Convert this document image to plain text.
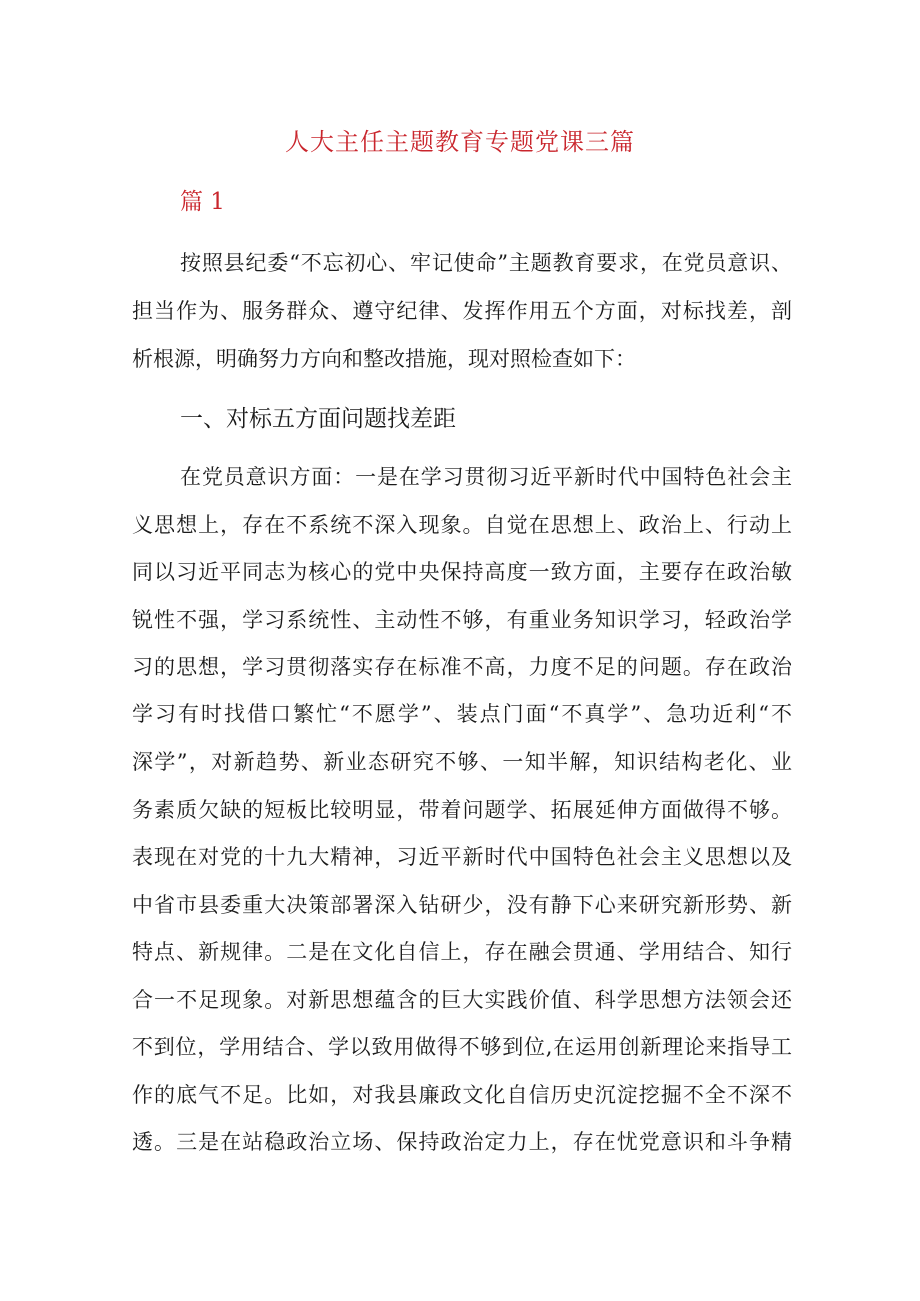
人大主任主题教育专题党课三篇
篇 1
按照县纪委“不忘初心、牢记使命”主题教育要求，在党员意识、
担当作为、服务群众、遵守纪律、发挥作用五个方面，对标找差，剖
析根源，明确努力方向和整改措施，现对照检查如下：
一、对标五方面问题找差距
在党员意识方面：一是在学习贯彻习近平新时代中国特色社会主
义思想上，存在不系统不深入现象。自觉在思想上、政治上、行动上
同以习近平同志为核心的党中央保持高度一致方面，主要存在政治敏
锐性不强，学习系统性、主动性不够，有重业务知识学习，轻政治学
习的思想，学习贯彻落实存在标准不高，力度不足的问题。存在政治
学习有时找借口繁忙“不愿学”、装点门面“不真学”、急功近利“不
深学”，对新趋势、新业态研究不够、一知半解，知识结构老化、业
务素质欠缺的短板比较明显，带着问题学、拓展延伸方面做得不够。
表现在对党的十九大精神，习近平新时代中国特色社会主义思想以及
中省市县委重大决策部署深入钻研少，没有静下心来研究新形势、新
特点、新规律。二是在文化自信上，存在融会贯通、学用结合、知行
合一不足现象。对新思想蕴含的巨大实践价值、科学思想方法领会还
不到位，学用结合、学以致用做得不够到位,在运用创新理论来指导工
作的底气不足。比如，对我县廉政文化自信历史沉淀挖掘不全不深不
透。三是在站稳政治立场、保持政治定力上，存在忧党意识和斗争精
